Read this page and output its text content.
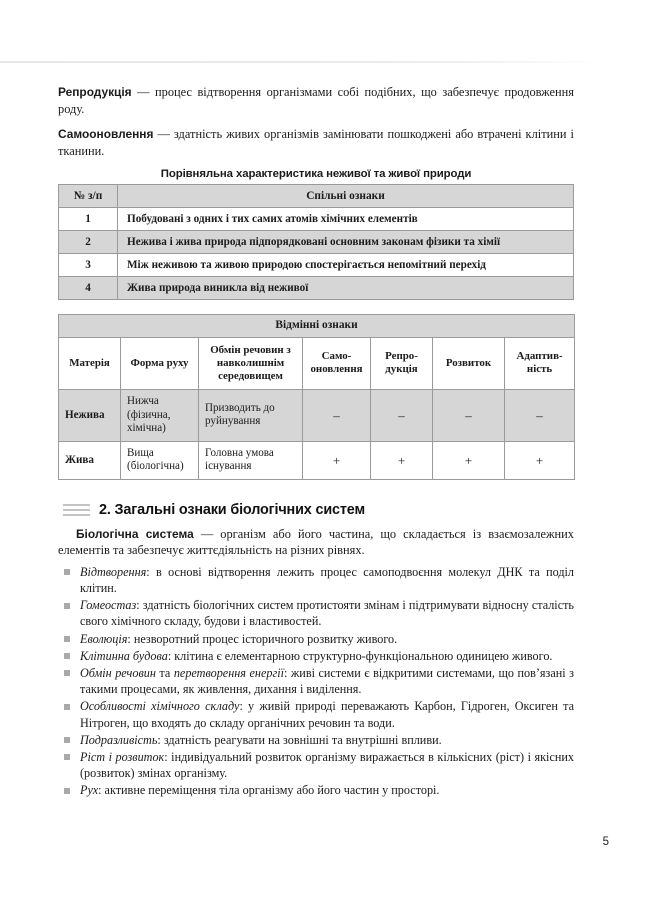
Репродукція — процес відтворення організмами собі подібних, що забезпечує продовження роду.

Самооновлення — здатність живих організмів замінювати пошкоджені або втрачені клітини і тканини.

Порівняльна характеристика неживої та живої природи
№ з/п	Спільні ознаки
1	Побудовані з одних і тих самих атомів хімічних елементів
2	Нежива і жива природа підпорядковані основним законам фізики та хімії
3	Між неживою та живою природою спостерігається непомітний перехід
4	Жива природа виникла від неживої
Відмінні ознаки						
Матерія	Форма руху	Обмін речовин з навколишнім середовищем	Само-оновлення	Репро-дукція	Розвиток	Адаптив-ність
Нежива	Нижча (фізична, хімічна)	Призводить до руйнування	–	–	–	–
Жива	Вища (біологічна)	Головна умова існування	+	+	+	+
2. Загальні ознаки біологічних систем

Біологічна система — організм або його частина, що складається із взаємозалежних елементів та забезпечує життєдіяльність на різних рівнях.

Відтворення: в основі відтворення лежить процес самоподвоєння молекул ДНК та поділ клітин.
Гомеостаз: здатність біологічних систем протистояти змінам і підтримувати відносну сталість свого хімічного складу, будови і властивостей.
Еволюція: незворотний процес історичного розвитку живого.
Клітинна будова: клітина є елементарною структурно-функціональною одиницею живого.
Обмін речовин та перетворення енергії: живі системи є відкритими системами, що пов’язані з такими процесами, як живлення, дихання і виділення.
Особливості хімічного складу: у живій природі переважають Карбон, Гідроген, Оксиген та Нітроген, що входять до складу органічних речовин та води.
Подразливість: здатність реагувати на зовнішні та внутрішні впливи.
Ріст і розвиток: індивідуальний розвиток організму виражається в кількісних (ріст) і якісних (розвиток) змінах організму.
Рух: активне переміщення тіла організму або його частин у просторі.
5
